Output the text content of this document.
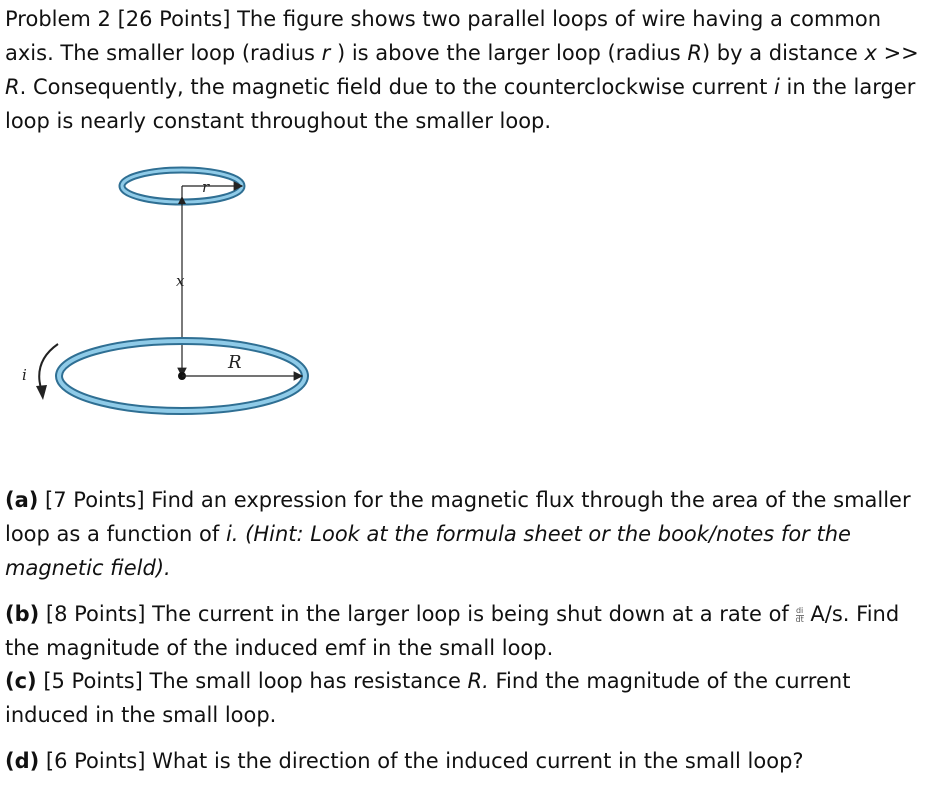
Problem 2 [26 Points] The figure shows two parallel loops of wire having a common axis. The smaller loop (radius r ) is above the larger loop (radius R) by a distance x >> R. Consequently, the magnetic field due to the counterclockwise current i in the larger loop is nearly constant throughout the smaller loop.

r
x
R
i

(a) [7 Points] Find an expression for the magnetic flux through the area of the smaller loop as a function of i. (Hint: Look at the formula sheet or the book/notes for the magnetic field).

(b) [8 Points] The current in the larger loop is being shut down at a rate of $\frac{di}{dt} A/s$. Find the magnitude of the induced emf in the small loop.

(c) [5 Points] The small loop has resistance R. Find the magnitude of the current induced in the small loop.

(d) [6 Points] What is the direction of the induced current in the small loop?
